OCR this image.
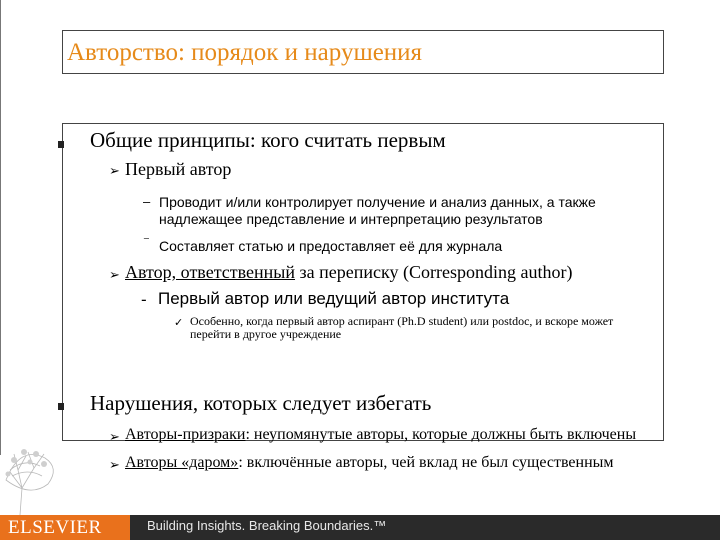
Авторство: порядок и нарушения
Общие принципы: кого считать первым
➢ Первый автор
– Проводит и/или контролирует получение и анализ данных, а также надлежащее представление и интерпретацию результатов
⁻ Составляет статью и предоставляет её для журнала
➢ Автор, ответственный за переписку (Corresponding author)
- Первый автор или ведущий автор института
✓ Особенно, когда первый автор аспирант (Ph.D student) или postdoc, и вскоре может перейти в другое учреждение
Нарушения, которых следует избегать
➢ Авторы-призраки: неупомянутые авторы, которые должны быть включены
➢ Авторы «даром»: включённые авторы, чей вклад не был существенным
ELSEVIER	Building Insights. Breaking Boundaries.™
